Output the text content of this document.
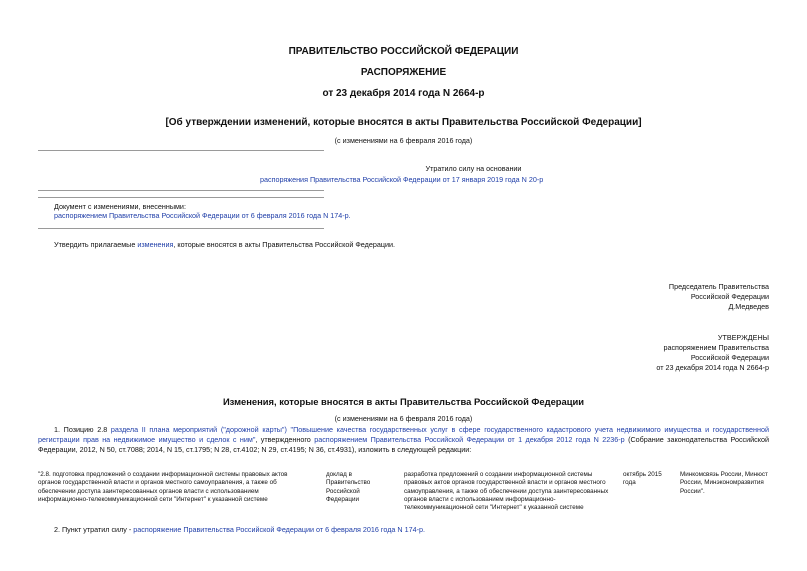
ПРАВИТЕЛЬСТВО РОССИЙСКОЙ ФЕДЕРАЦИИ
РАСПОРЯЖЕНИЕ
от 23 декабря 2014 года N 2664-р
[Об утверждении изменений, которые вносятся в акты Правительства Российской Федерации]
(с изменениями на 6 февраля 2016 года)
Утратило силу на основании
распоряжения Правительства Российской Федерации от 17 января 2019 года N 20-р
Документ с изменениями, внесенными:
распоряжением Правительства Российской Федерации от 6 февраля 2016 года N 174-р.
Утвердить прилагаемые изменения, которые вносятся в акты Правительства Российской Федерации.
Председатель Правительства
Российской Федерации
Д.Медведев
УТВЕРЖДЕНЫ
распоряжением Правительства
Российской Федерации
от 23 декабря 2014 года N 2664-р
Изменения, которые вносятся в акты Правительства Российской Федерации
(с изменениями на 6 февраля 2016 года)
1. Позицию 2.8 раздела II плана мероприятий ("дорожной карты") "Повышение качества государственных услуг в сфере государственного кадастрового учета недвижимого имущества и государственной регистрации прав на недвижимое имущество и сделок с ним", утвержденного распоряжением Правительства Российской Федерации от 1 декабря 2012 года N 2236-р (Собрание законодательства Российской Федерации, 2012, N 50, ст.7088; 2014, N 15, ст.1795; N 28, ст.4102; N 29, ст.4195; N 36, ст.4931), изложить в следующей редакции:
"2.8. подготовка предложений о создании информационной системы правовых актов органов государственной власти и органов местного самоуправления, а также об обеспечении доступа заинтересованных органов власти с использованием информационно-телекоммуникационной сети "Интернет" к указанной системе
доклад в Правительство Российской Федерации
разработка предложений о создании информационной системы правовых актов органов государственной власти и органов местного самоуправления, а также об обеспечении доступа заинтересованных органов власти с использованием информационно-телекоммуникационной сети "Интернет" к указанной системе
октябрь 2015 года
Минкомсвязь России, Минюст России, Минэкономразвития России".
2. Пункт утратил силу - распоряжение Правительства Российской Федерации от 6 февраля 2016 года N 174-р.
